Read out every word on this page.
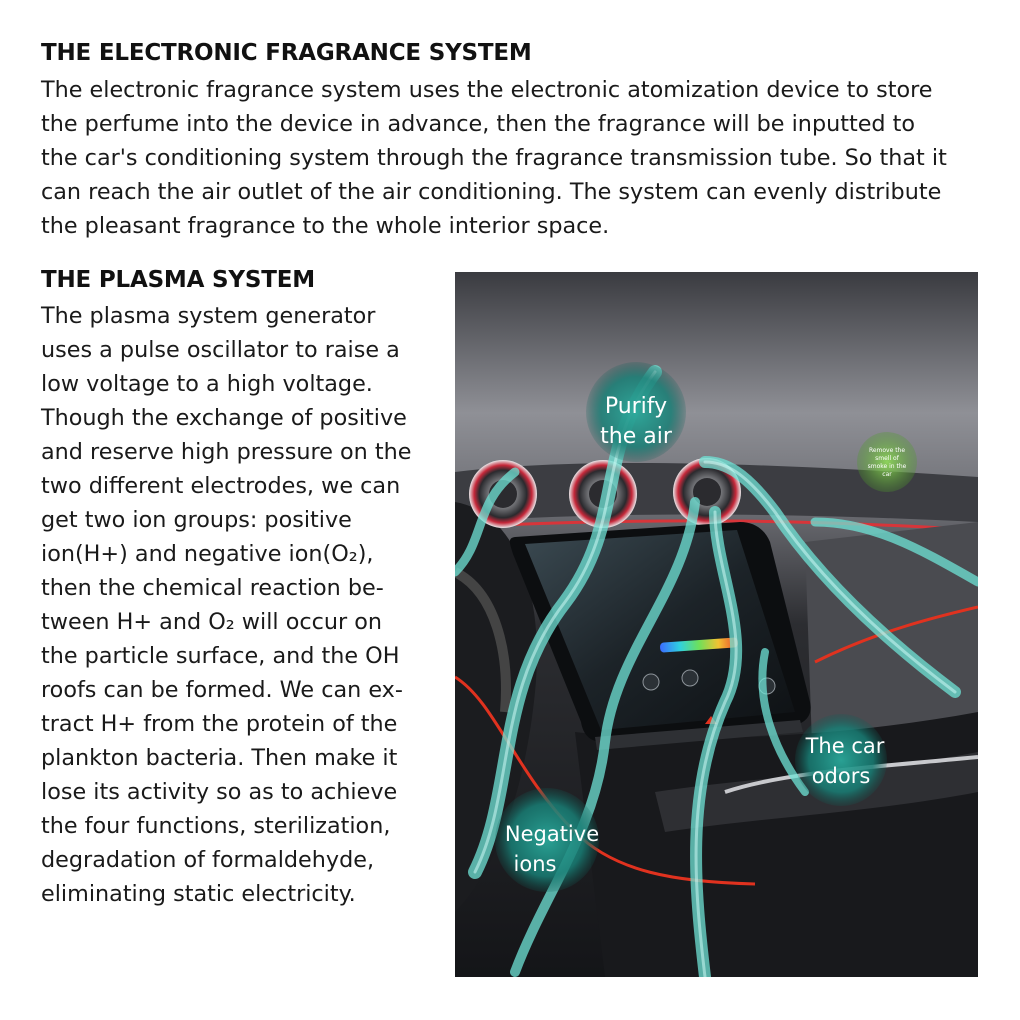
THE ELECTRONIC FRAGRANCE SYSTEM

The electronic fragrance system uses the electronic atomization device to store
the perfume into the device in advance, then the fragrance will be inputted to
the car's conditioning system through the fragrance transmission tube. So that it
can reach the air outlet of the air conditioning. The system can evenly distribute
the pleasant fragrance to the whole interior space.

THE PLASMA SYSTEM

The plasma system generator
uses a pulse oscillator to raise a
low voltage to a high voltage.
Though the exchange of positive
and reserve high pressure on the
two different electrodes, we can
get two ion groups: positive
ion(H+) and negative ion(O₂),
then the chemical reaction be-
tween H+ and O₂ will occur on
the particle surface, and the OH
roofs can be formed. We can ex-
tract H+ from the protein of the
plankton bacteria. Then make it
lose its activity so as to achieve
the four functions, sterilization,
degradation of formaldehyde,
eliminating static electricity.

Purify
the air
Remove the
smell of
smoke in the
car
The car
odors
Negative
ions
